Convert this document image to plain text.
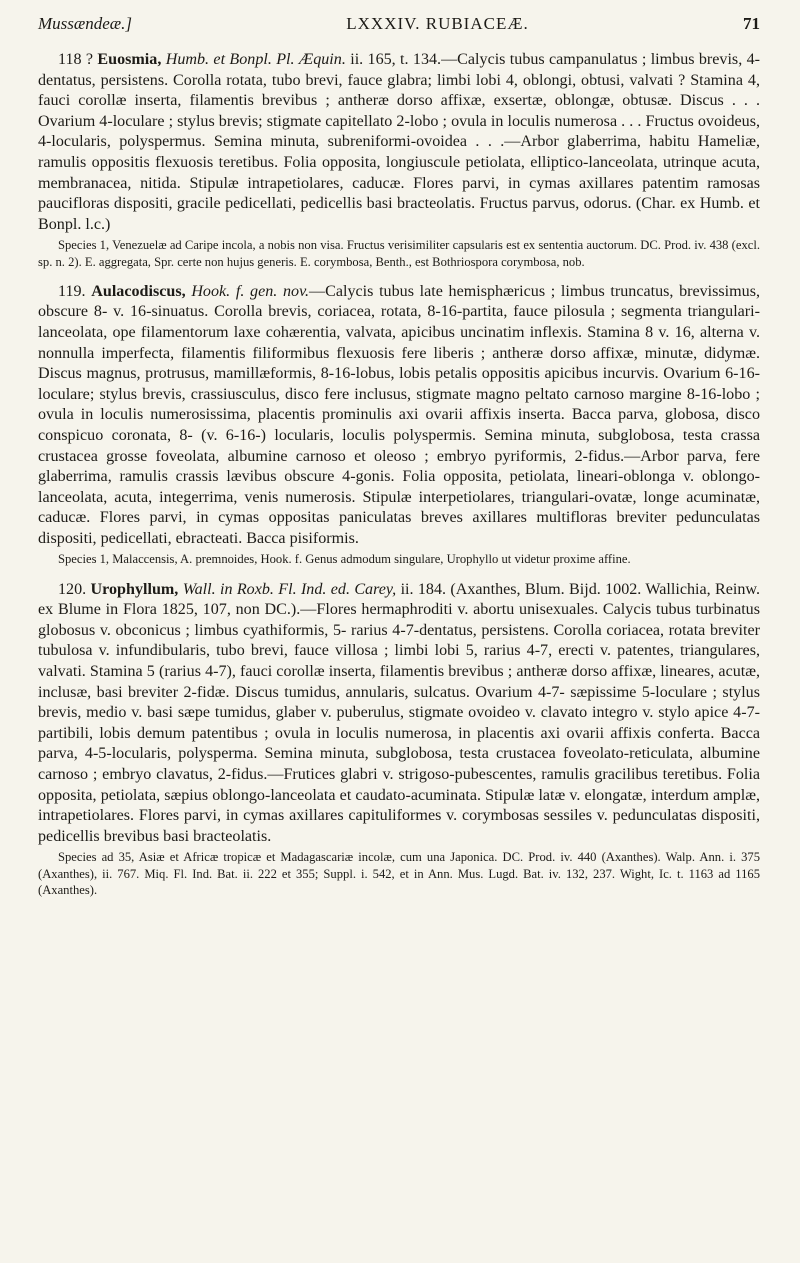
Mussændeæ.]	LXXXIV. RUBIACEÆ.	71

118 ? Euosmia, Humb. et Bonpl. Pl. Æquin. ii. 165, t. 134.—Calycis tubus campanulatus ; limbus brevis, 4-dentatus, persistens. Corolla rotata, tubo brevi, fauce glabra; limbi lobi 4, oblongi, obtusi, valvati ? Stamina 4, fauci corollæ inserta, filamentis brevibus ; antheræ dorso affixæ, exsertæ, oblongæ, obtusæ. Discus . . . Ovarium 4-loculare ; stylus brevis; stigmate capitellato 2-lobo ; ovula in loculis numerosa . . . Fructus ovoideus, 4-locularis, polyspermus. Semina minuta, subreniformi-ovoidea . . .—Arbor glaberrima, habitu Hameliæ, ramulis oppositis flexuosis teretibus. Folia opposita, longiuscule petiolata, elliptico-lanceolata, utrinque acuta, membranacea, nitida. Stipulæ intrapetiolares, caducæ. Flores parvi, in cymas axillares patentim ramosas paucifloras dispositi, gracile pedicellati, pedicellis basi bracteolatis. Fructus parvus, odorus. (Char. ex Humb. et Bonpl. l.c.)

Species 1, Venezuelæ ad Caripe incola, a nobis non visa. Fructus verisimiliter capsularis est ex sententia auctorum. DC. Prod. iv. 438 (excl. sp. n. 2). E. aggregata, Spr. certe non hujus generis. E. corymbosa, Benth., est Bothriospora corymbosa, nob.

119. Aulacodiscus, Hook. f. gen. nov.—Calycis tubus late hemisphæricus ; limbus truncatus, brevissimus, obscure 8- v. 16-sinuatus. Corolla brevis, coriacea, rotata, 8-16-partita, fauce pilosula ; segmenta triangulari-lanceolata, ope filamentorum laxe cohærentia, valvata, apicibus uncinatim inflexis. Stamina 8 v. 16, alterna v. nonnulla imperfecta, filamentis filiformibus flexuosis fere liberis ; antheræ dorso affixæ, minutæ, didymæ. Discus magnus, protrusus, mamillæformis, 8-16-lobus, lobis petalis oppositis apicibus incurvis. Ovarium 6-16-loculare; stylus brevis, crassiusculus, disco fere inclusus, stigmate magno peltato carnoso margine 8-16-lobo ; ovula in loculis numerosissima, placentis prominulis axi ovarii affixis inserta. Bacca parva, globosa, disco conspicuo coronata, 8- (v. 6-16-) locularis, loculis polyspermis. Semina minuta, subglobosa, testa crassa crustacea grosse foveolata, albumine carnoso et oleoso ; embryo pyriformis, 2-fidus.—Arbor parva, fere glaberrima, ramulis crassis lævibus obscure 4-gonis. Folia opposita, petiolata, lineari-oblonga v. oblongo-lanceolata, acuta, integerrima, venis numerosis. Stipulæ interpetiolares, triangulari-ovatæ, longe acuminatæ, caducæ. Flores parvi, in cymas oppositas paniculatas breves axillares multifloras breviter pedunculatas dispositi, pedicellati, ebracteati. Bacca pisiformis.

Species 1, Malaccensis, A. premnoides, Hook. f. Genus admodum singulare, Urophyllo ut videtur proxime affine.

120. Urophyllum, Wall. in Roxb. Fl. Ind. ed. Carey, ii. 184. (Axanthes, Blum. Bijd. 1002. Wallichia, Reinw. ex Blume in Flora 1825, 107, non DC.).—Flores hermaphroditi v. abortu unisexuales. Calycis tubus turbinatus globosus v. obconicus ; limbus cyathiformis, 5- rarius 4-7-dentatus, persistens. Corolla coriacea, rotata breviter tubulosa v. infundibularis, tubo brevi, fauce villosa ; limbi lobi 5, rarius 4-7, erecti v. patentes, triangulares, valvati. Stamina 5 (rarius 4-7), fauci corollæ inserta, filamentis brevibus ; antheræ dorso affixæ, lineares, acutæ, inclusæ, basi breviter 2-fidæ. Discus tumidus, annularis, sulcatus. Ovarium 4-7- sæpissime 5-loculare ; stylus brevis, medio v. basi sæpe tumidus, glaber v. puberulus, stigmate ovoideo v. clavato integro v. stylo apice 4-7-partibili, lobis demum patentibus ; ovula in loculis numerosa, in placentis axi ovarii affixis conferta. Bacca parva, 4-5-locularis, polysperma. Semina minuta, subglobosa, testa crustacea foveolato-reticulata, albumine carnoso ; embryo clavatus, 2-fidus.—Frutices glabri v. strigoso-pubescentes, ramulis gracilibus teretibus. Folia opposita, petiolata, sæpius oblongo-lanceolata et caudato-acuminata. Stipulæ latæ v. elongatæ, interdum amplæ, intrapetiolares. Flores parvi, in cymas axillares capituliformes v. corymbosas sessiles v. pedunculatas dispositi, pedicellis brevibus basi bracteolatis.

Species ad 35, Asiæ et Africæ tropicæ et Madagascariæ incolæ, cum una Japonica. DC. Prod. iv. 440 (Axanthes). Walp. Ann. i. 375 (Axanthes), ii. 767. Miq. Fl. Ind. Bat. ii. 222 et 355; Suppl. i. 542, et in Ann. Mus. Lugd. Bat. iv. 132, 237. Wight, Ic. t. 1163 ad 1165 (Axanthes).
